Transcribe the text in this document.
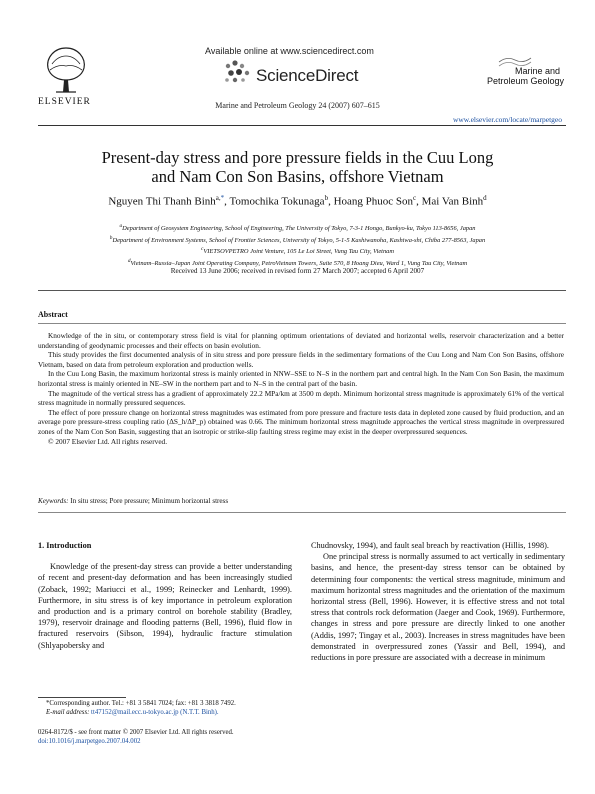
ELSEVIER
Available online at www.sciencedirect.com
ScienceDirect
Marine and Petroleum Geology 24 (2007) 607–615
Marine and
Petroleum Geology
www.elsevier.com/locate/marpetgeo
Present-day stress and pore pressure fields in the Cuu Long
and Nam Con Son Basins, offshore Vietnam
Nguyen Thi Thanh Binh$^{a,*}$, Tomochika Tokunaga$^b$, Hoang Phuoc Son$^c$, Mai Van Binh$^d$
$^a$Department of Geosystem Engineering, School of Engineering, The University of Tokyo, 7-3-1 Hongo, Bunkyo-ku, Tokyo 113-8656, Japan
$^b$Department of Environment Systems, School of Frontier Sciences, University of Tokyo, 5-1-5 Kashiwanoha, Kashiwa-shi, Chiba 277-8563, Japan
$^c$VIETSOVPETRO Joint Venture, 105 Le Loi Street, Vung Tau City, Vietnam
$^d$Vietnam–Russia–Japan Joint Operating Company, PetroVietnam Towers, Suite 570, 8 Hoang Dieu, Ward 1, Vung Tau City, Vietnam
Received 13 June 2006; received in revised form 27 March 2007; accepted 6 April 2007
Abstract

Knowledge of the in situ, or contemporary stress field is vital for planning optimum orientations of deviated and horizontal wells, reservoir characterization and a better understanding of geodynamic processes and their effects on basin evolution.

This study provides the first documented analysis of in situ stress and pore pressure fields in the sedimentary formations of the Cuu Long and Nam Con Son Basins, offshore Vietnam, based on data from petroleum exploration and production wells.

In the Cuu Long Basin, the maximum horizontal stress is mainly oriented in NNW–SSE to N–S in the northern part and central high. In the Nam Con Son Basin, the maximum horizontal stress is mainly oriented in NE–SW in the northern part and to N–S in the central part of the basin.

The magnitude of the vertical stress has a gradient of approximately 22.2 MPa/km at 3500 m depth. Minimum horizontal stress magnitude is approximately 61% of the vertical stress magnitude in normally pressured sequences.

The effect of pore pressure change on horizontal stress magnitudes was estimated from pore pressure and fracture tests data in depleted zone caused by fluid production, and an average pore pressure-stress coupling ratio (ΔS_h/ΔP_p) obtained was 0.66. The minimum horizontal stress magnitude approaches the vertical stress magnitude in overpressured zones of the Nam Con Son Basin, suggesting that an isotropic or strike-slip faulting stress regime may exist in the deeper overpressured sequences.

© 2007 Elsevier Ltd. All rights reserved.

Keywords: In situ stress; Pore pressure; Minimum horizontal stress

1. Introduction

Knowledge of the present-day stress can provide a better understanding of recent and present-day deformation and has been increasingly studied (Zoback, 1992; Mariucci et al., 1999; Reinecker and Lenhardt, 1999). Furthermore, in situ stress is of key importance in petroleum exploration and production and is a primary control on borehole stability (Bradley, 1979), reservoir drainage and flooding patterns (Bell, 1996), fluid flow in fractured reservoirs (Sibson, 1994), hydraulic fracture stimulation (Shlyapobersky and

Chudnovsky, 1994), and fault seal breach by reactivation (Hillis, 1998).

One principal stress is normally assumed to act vertically in sedimentary basins, and hence, the present-day stress tensor can be obtained by determining four components: the vertical stress magnitude, minimum and maximum horizontal stress magnitudes and the orientation of the maximum horizontal stress (Bell, 1996). However, it is effective stress and not total stress that controls rock deformation (Jaeger and Cook, 1969). Furthermore, changes in stress and pore pressure are directly linked to one another (Addis, 1997; Tingay et al., 2003). Increases in stress magnitudes have been demonstrated in overpressured zones (Yassir and Bell, 1994), and reductions in pore pressure are associated with a decrease in minimum

*Corresponding author. Tel.: +81 3 5841 7024; fax: +81 3 3818 7492.

E-mail address: tt47152@mail.ecc.u-tokyo.ac.jp (N.T.T. Binh).

0264-8172/$ - see front matter © 2007 Elsevier Ltd. All rights reserved.

doi:10.1016/j.marpetgeo.2007.04.002
